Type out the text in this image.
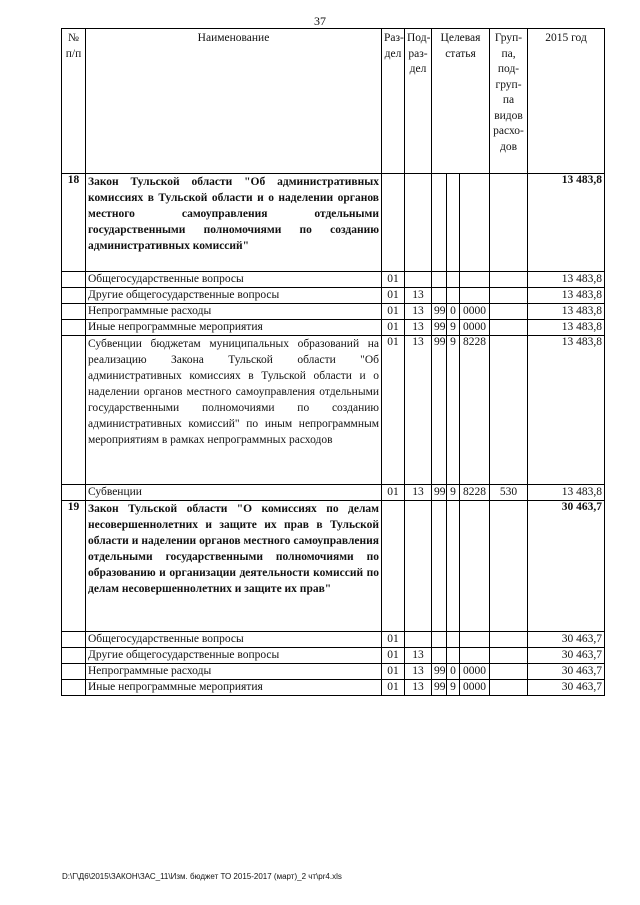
37
№ п/п	Наименование	Раз-дел	Под-раз-дел	Целевая статья			Груп-па, под-груп-па видов расхо-дов	2015 год
18	Закон Тульской области "Об административных комиссиях в Тульской области и о наделении органов местного самоуправления отдельными государственными полномочиями по созданию административных комиссий"							13 483,8
	Общегосударственные вопросы	01						13 483,8
	Другие общегосударственные вопросы	01	13					13 483,8
	Непрограммные расходы	01	13	99	0	0000		13 483,8
	Иные непрограммные мероприятия	01	13	99	9	0000		13 483,8
	Субвенции бюджетам муниципальных образований на реализацию Закона Тульской области "Об административных комиссиях в Тульской области и о наделении органов местного самоуправления отдельными государственными полномочиями по созданию административных комиссий" по иным непрограммным мероприятиям в рамках непрограммных расходов	01	13	99	9	8228		13 483,8
	Субвенции	01	13	99	9	8228	530	13 483,8
19	Закон Тульской области "О комиссиях по делам несовершеннолетних и защите их прав в Тульской области и наделении органов местного самоуправления отдельными государственными полномочиями по образованию и организации деятельности комиссий по делам несовершеннолетних и защите их прав"							30 463,7
	Общегосударственные вопросы	01						30 463,7
	Другие общегосударственные вопросы	01	13					30 463,7
	Непрограммные расходы	01	13	99	0	0000		30 463,7
	Иные непрограммные мероприятия	01	13	99	9	0000		30 463,7
D:\Г\Д6\2015\ЗАКОН\ЗАС_11\Изм. бюджет ТО 2015-2017 (март)_2 чт\pr4.xls
